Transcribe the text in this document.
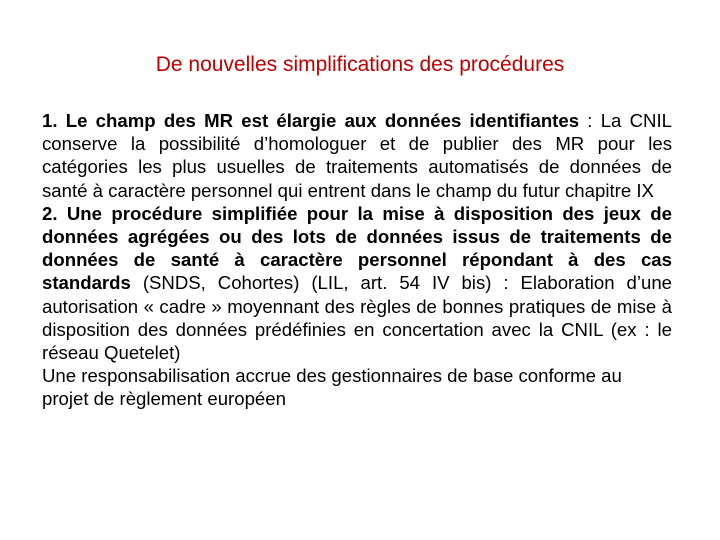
De nouvelles simplifications des procédures

1. Le champ des MR est élargie aux données identifiantes : La CNIL conserve la possibilité d’homologuer et de publier des MR pour les catégories les plus usuelles de traitements automatisés de données de santé à caractère personnel qui entrent dans le champ du futur chapitre IX

2. Une procédure simplifiée pour la mise à disposition des jeux de données agrégées ou des lots de données issus de traitements de données de santé à caractère personnel répondant à des cas standards (SNDS, Cohortes) (LIL, art. 54 IV bis) : Elaboration d’une autorisation « cadre » moyennant des règles de bonnes pratiques de mise à disposition des données prédéfinies en concertation avec la CNIL (ex : le réseau Quetelet)

Une responsabilisation accrue des gestionnaires de base conforme au projet de règlement européen
